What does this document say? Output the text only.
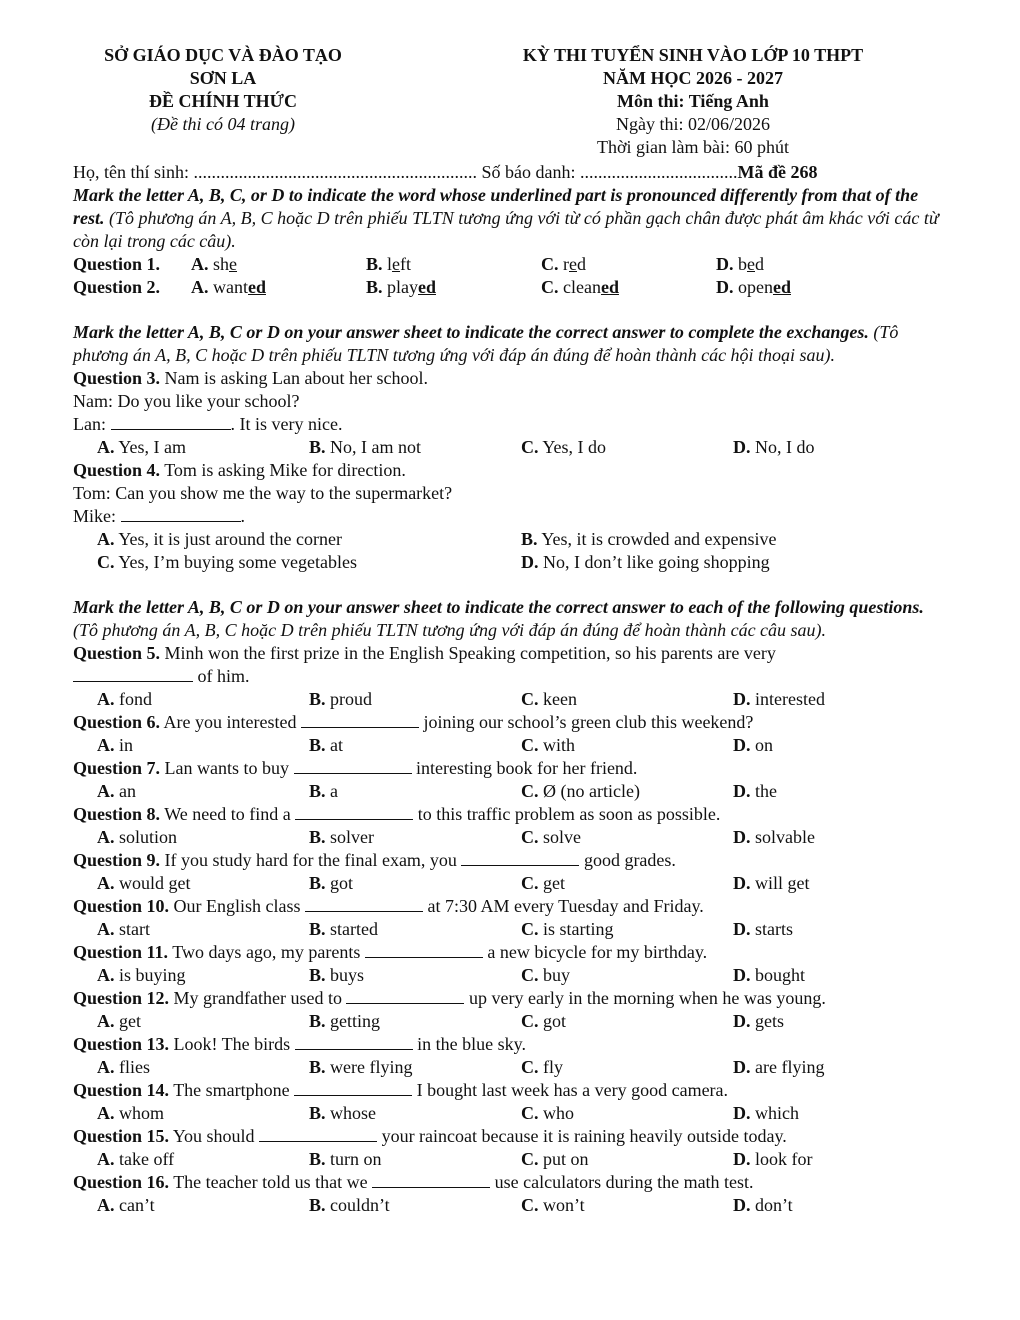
SỞ GIÁO DỤC VÀ ĐÀO TẠO
SƠN LA
ĐỀ CHÍNH THỨC
(Đề thi có 04 trang)
KỲ THI TUYỂN SINH VÀO LỚP 10 THPT
NĂM HỌC 2026 - 2027
Môn thi: Tiếng Anh
Ngày thi: 02/06/2026
Thời gian làm bài: 60 phút
Họ, tên thí sinh: ............................................................... Số báo danh: ...................................Mã đề 268
Mark the letter A, B, C, or D to indicate the word whose underlined part is pronounced differently from that of the rest. (Tô phương án A, B, C hoặc D trên phiếu TLTN tương ứng với từ có phần gạch chân được phát âm khác với các từ còn lại trong các câu).
Question 1.	A. she	B. left	C. red	D. bed
Question 2.	A. wanted	B. played	C. cleaned	D. opened
Mark the letter A, B, C or D on your answer sheet to indicate the correct answer to complete the exchanges. (Tô phương án A, B, C hoặc D trên phiếu TLTN tương ứng với đáp án đúng để hoàn thành các hội thoại sau).
Question 3. Nam is asking Lan about her school.
Nam: Do you like your school?
Lan:	. It is very nice.
A. Yes, I am	B. No, I am not	C. Yes, I do	D. No, I do
Question 4. Tom is asking Mike for direction.
Tom: Can you show me the way to the supermarket?
Mike:	.
A. Yes, it is just around the corner	B. Yes, it is crowded and expensive
C. Yes, I’m buying some vegetables	D. No, I don’t like going shopping
Mark the letter A, B, C or D on your answer sheet to indicate the correct answer to each of the following questions. (Tô phương án A, B, C hoặc D trên phiếu TLTN tương ứng với đáp án đúng để hoàn thành các câu sau).
Question 5. Minh won the first prize in the English Speaking competition, so his parents are very
of him.
A. fond	B. proud	C. keen	D. interested
Question 6. Are you interested	joining our school’s green club this weekend?
A. in	B. at	C. with	D. on
Question 7. Lan wants to buy	interesting book for her friend.
A. an	B. a	C. Ø (no article)	D. the
Question 8. We need to find a	to this traffic problem as soon as possible.
A. solution	B. solver	C. solve	D. solvable
Question 9. If you study hard for the final exam, you	good grades.
A. would get	B. got	C. get	D. will get
Question 10. Our English class	at 7:30 AM every Tuesday and Friday.
A. start	B. started	C. is starting	D. starts
Question 11. Two days ago, my parents	a new bicycle for my birthday.
A. is buying	B. buys	C. buy	D. bought
Question 12. My grandfather used to	up very early in the morning when he was young.
A. get	B. getting	C. got	D. gets
Question 13. Look! The birds	in the blue sky.
A. flies	B. were flying	C. fly	D. are flying
Question 14. The smartphone	I bought last week has a very good camera.
A. whom	B. whose	C. who	D. which
Question 15. You should	your raincoat because it is raining heavily outside today.
A. take off	B. turn on	C. put on	D. look for
Question 16. The teacher told us that we	use calculators during the math test.
A. can’t	B. couldn’t	C. won’t	D. don’t
